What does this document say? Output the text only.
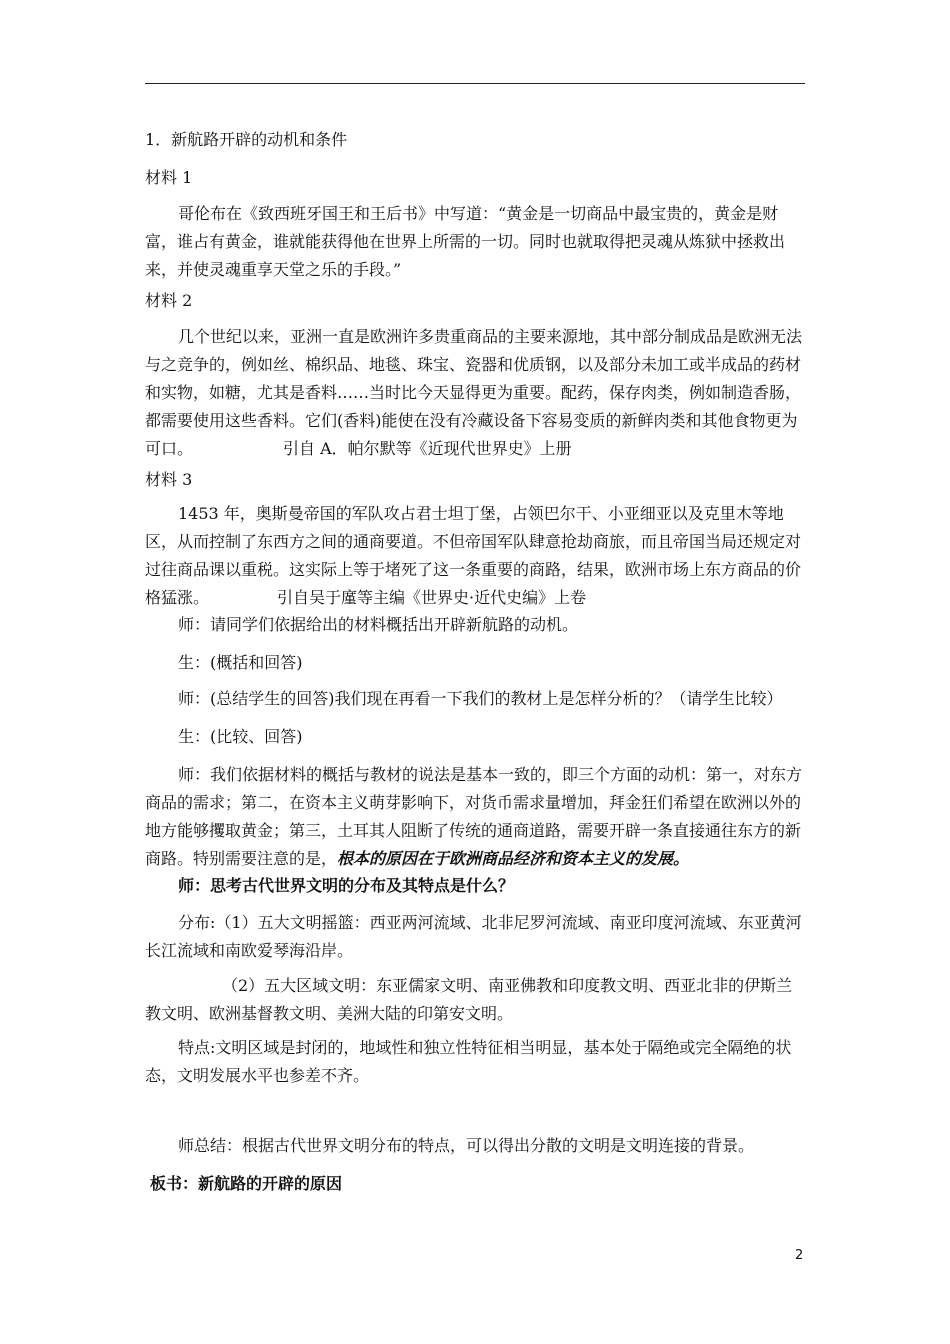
1．新航路开辟的动机和条件

材料 1

哥伦布在《致西班牙国王和王后书》中写道：“黄金是一切商品中最宝贵的，黄金是财富，谁占有黄金，谁就能获得他在世界上所需的一切。同时也就取得把灵魂从炼狱中拯救出来，并使灵魂重享天堂之乐的手段。”

材料 2

几个世纪以来，亚洲一直是欧洲许多贵重商品的主要来源地，其中部分制成品是欧洲无法与之竞争的，例如丝、棉织品、地毯、珠宝、瓷器和优质钢，以及部分未加工或半成品的药材和实物，如糖，尤其是香料……当时比今天显得更为重要。配药，保存肉类，例如制造香肠，都需要使用这些香料。它们(香料)能使在没有冷藏设备下容易变质的新鲜肉类和其他食物更为可口。	引自 A．帕尔默等《近现代世界史》上册

材料 3

1453 年，奥斯曼帝国的军队攻占君士坦丁堡，占领巴尔干、小亚细亚以及克里木等地区，从而控制了东西方之间的通商要道。不但帝国军队肆意抢劫商旅，而且帝国当局还规定对过往商品课以重税。这实际上等于堵死了这一条重要的商路，结果，欧洲市场上东方商品的价格猛涨。	引自吴于廑等主编《世界史·近代史编》上卷

师：请同学们依据给出的材料概括出开辟新航路的动机。

生：(概括和回答)

师：(总结学生的回答)我们现在再看一下我们的教材上是怎样分析的？（请学生比较）

生：(比较、回答)

师：我们依据材料的概括与教材的说法是基本一致的，即三个方面的动机：第一，对东方商品的需求；第二，在资本主义萌芽影响下，对货币需求量增加，拜金狂们希望在欧洲以外的地方能够攫取黄金；第三，土耳其人阻断了传统的通商道路，需要开辟一条直接通往东方的新商路。特别需要注意的是，根本的原因在于欧洲商品经济和资本主义的发展。

师：思考古代世界文明的分布及其特点是什么？

分布:（1）五大文明摇篮：西亚两河流域、北非尼罗河流域、南亚印度河流域、东亚黄河长江流域和南欧爱琴海沿岸。

（2）五大区域文明：东亚儒家文明、南亚佛教和印度教文明、西亚北非的伊斯兰教文明、欧洲基督教文明、美洲大陆的印第安文明。

特点:文明区域是封闭的，地域性和独立性特征相当明显，基本处于隔绝或完全隔绝的状态，文明发展水平也参差不齐。

师总结：根据古代世界文明分布的特点，可以得出分散的文明是文明连接的背景。

板书：新航路的开辟的原因

2
